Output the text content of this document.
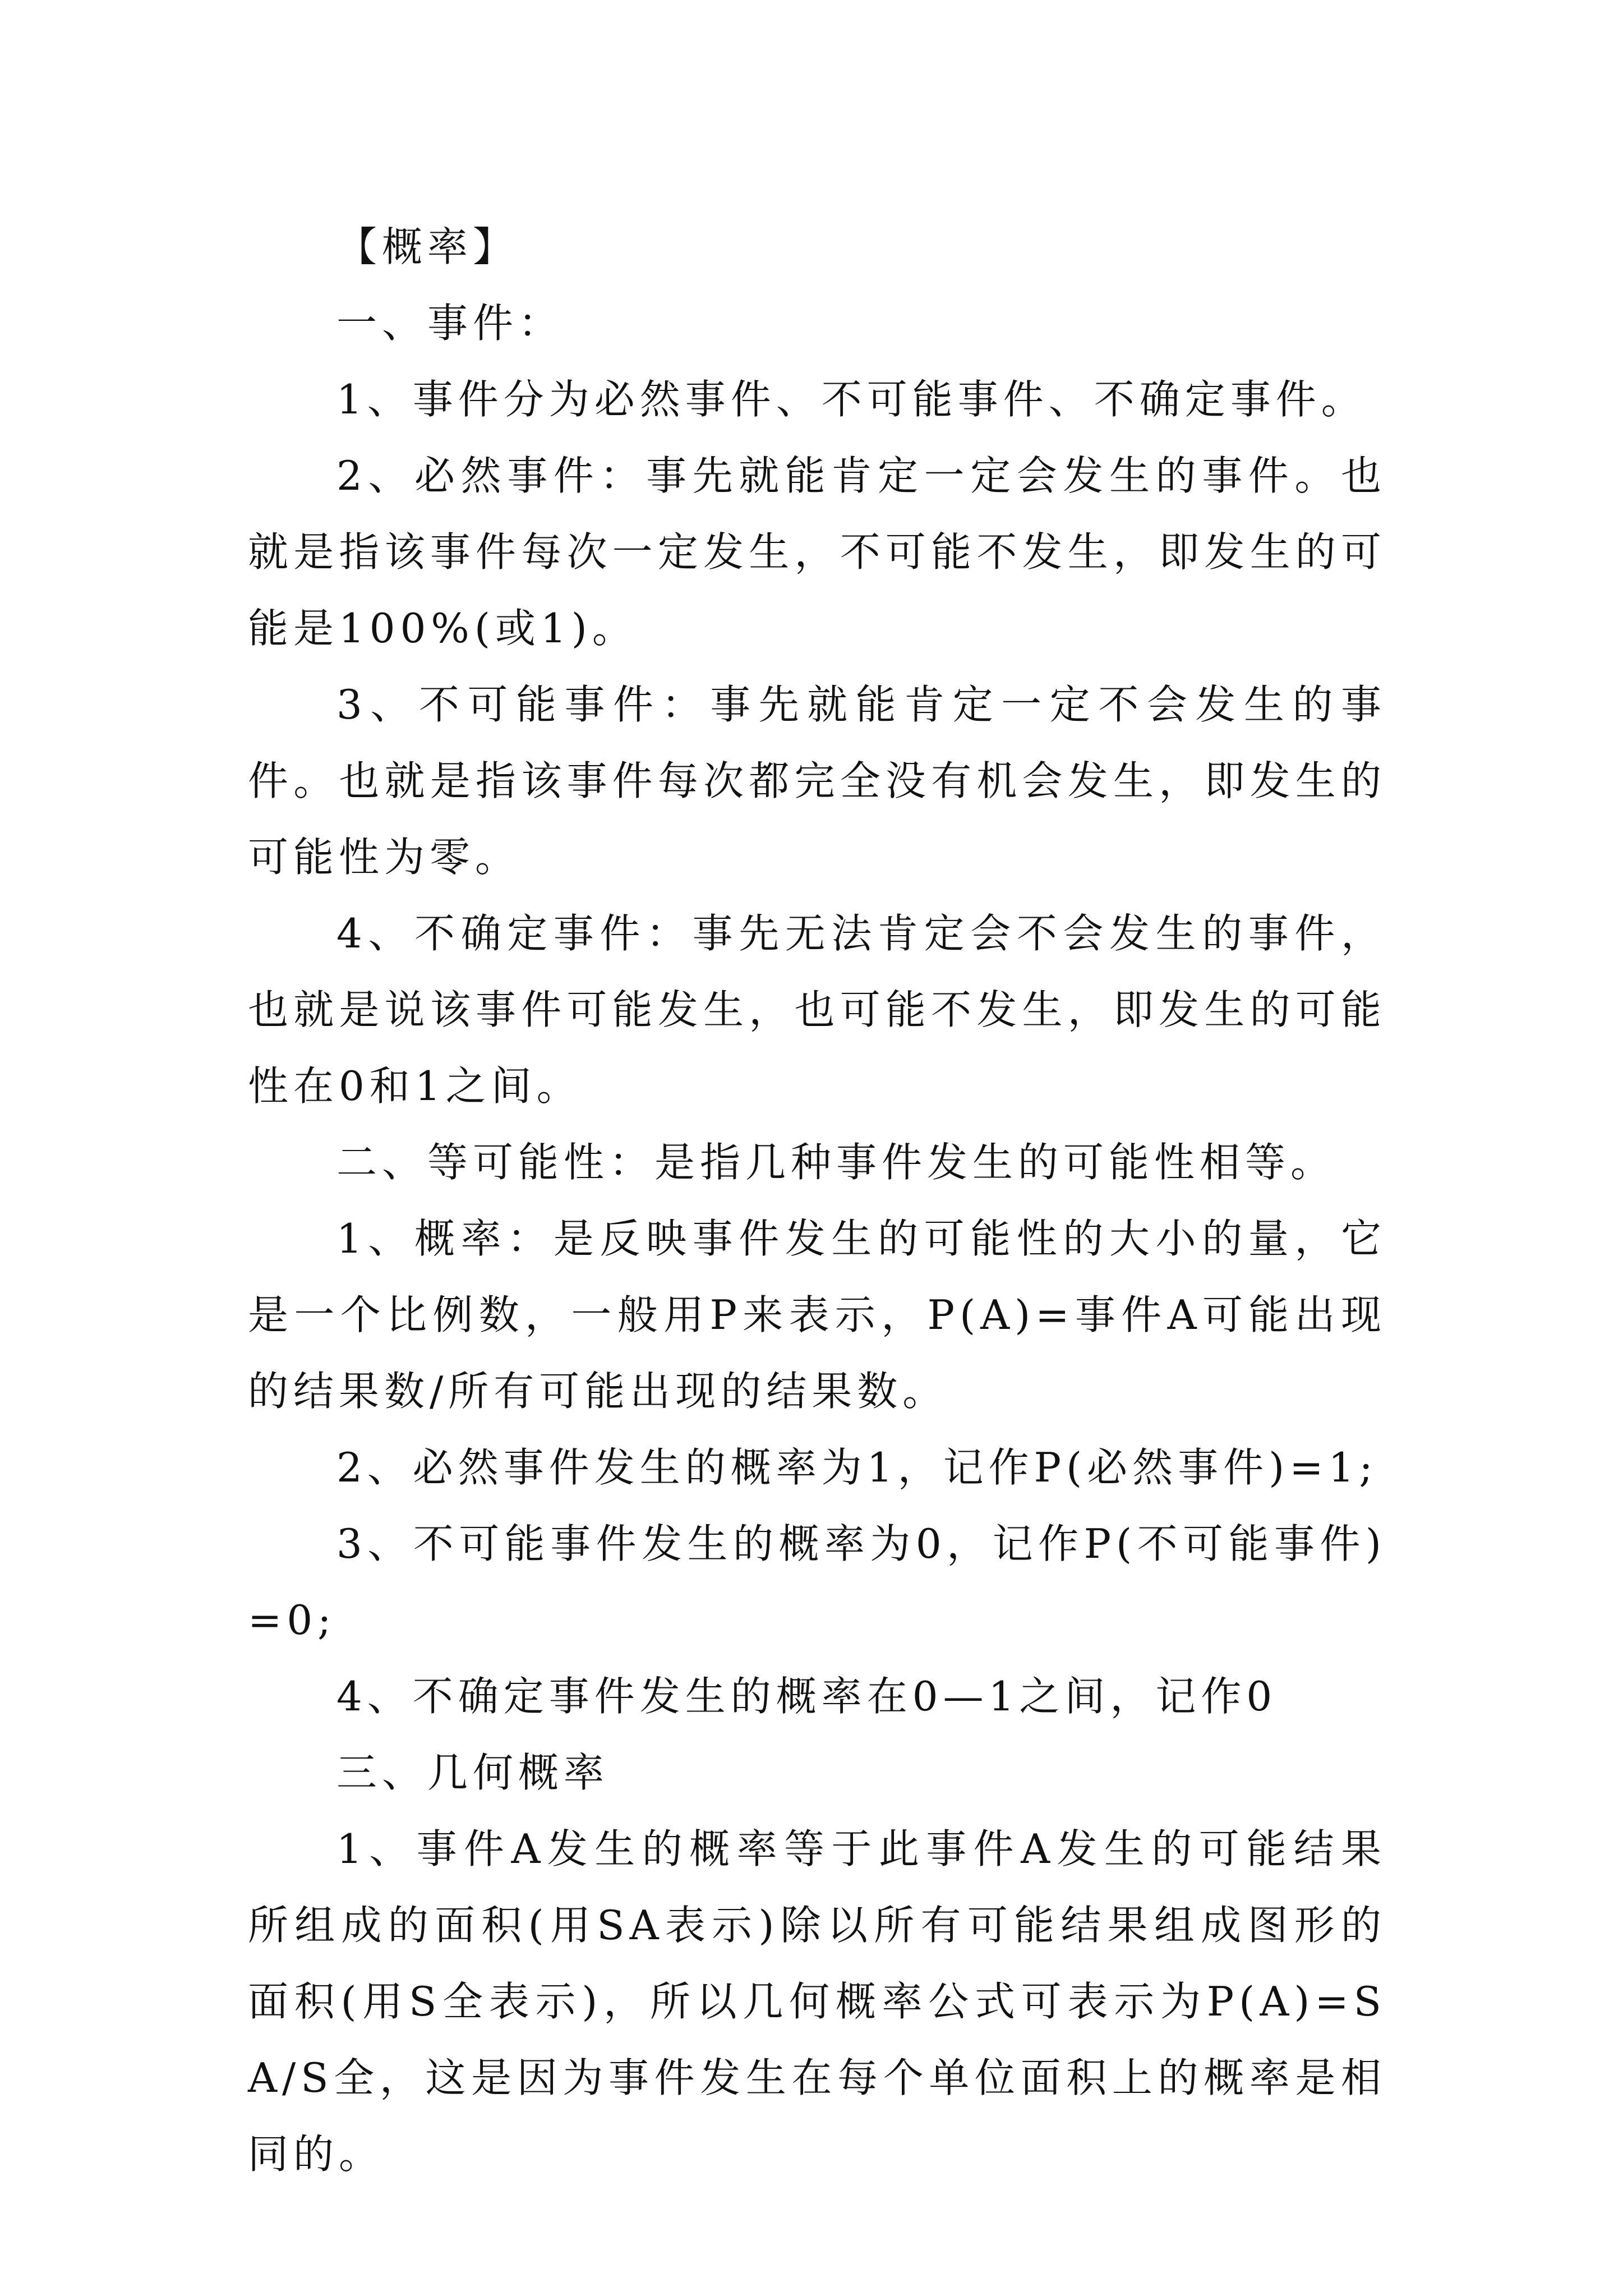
【概率】

一、事件：

1、事件分为必然事件、不可能事件、不确定事件。

2、必然事件：事先就能肯定一定会发生的事件。也就是指该事件每次一定发生，不可能不发生，即发生的可能是100%(或1)。

3、不可能事件：事先就能肯定一定不会发生的事件。也就是指该事件每次都完全没有机会发生，即发生的可能性为零。

4、不确定事件：事先无法肯定会不会发生的事件，也就是说该事件可能发生，也可能不发生，即发生的可能性在0和1之间。

二、等可能性：是指几种事件发生的可能性相等。

1、概率：是反映事件发生的可能性的大小的量，它是一个比例数，一般用P来表示，P(A)=事件A可能出现的结果数/所有可能出现的结果数。

2、必然事件发生的概率为1，记作P(必然事件)=1;

3、不可能事件发生的概率为0，记作P(不可能事件)=0;

4、不确定事件发生的概率在0—1之间，记作0

三、几何概率

1、事件A发生的概率等于此事件A发生的可能结果所组成的面积(用SA表示)除以所有可能结果组成图形的面积(用S全表示)，所以几何概率公式可表示为P(A)=SA/S全，这是因为事件发生在每个单位面积上的概率是相同的。
